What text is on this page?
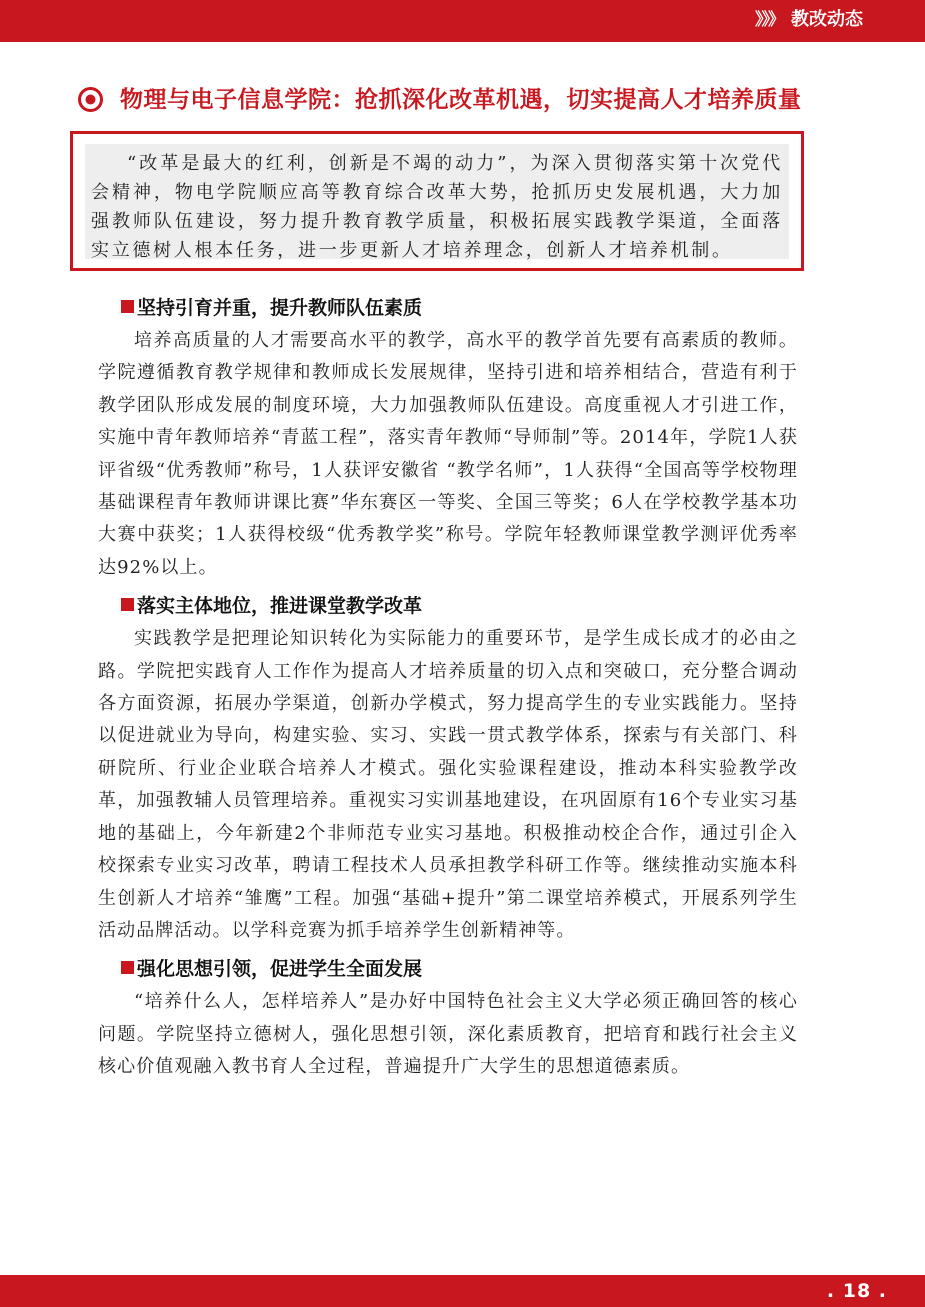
》》》 教改动态
物理与电子信息学院：抢抓深化改革机遇，切实提高人才培养质量

“改革是最大的红利，创新是不竭的动力”，为深入贯彻落实第十次党代会精神，物电学院顺应高等教育综合改革大势，抢抓历史发展机遇，大力加强教师队伍建设，努力提升教育教学质量，积极拓展实践教学渠道，全面落实立德树人根本任务，进一步更新人才培养理念，创新人才培养机制。

坚持引育并重，提升教师队伍素质

培养高质量的人才需要高水平的教学，高水平的教学首先要有高素质的教师。学院遵循教育教学规律和教师成长发展规律，坚持引进和培养相结合，营造有利于教学团队形成发展的制度环境，大力加强教师队伍建设。高度重视人才引进工作，实施中青年教师培养“青蓝工程”，落实青年教师“导师制”等。2014年，学院1人获评省级“优秀教师”称号，1人获评安徽省 “教学名师”，1人获得“全国高等学校物理基础课程青年教师讲课比赛”华东赛区一等奖、全国三等奖；6人在学校教学基本功大赛中获奖；1人获得校级“优秀教学奖”称号。学院年轻教师课堂教学测评优秀率达92%以上。

落实主体地位，推进课堂教学改革

实践教学是把理论知识转化为实际能力的重要环节，是学生成长成才的必由之路。学院把实践育人工作作为提高人才培养质量的切入点和突破口，充分整合调动各方面资源，拓展办学渠道，创新办学模式，努力提高学生的专业实践能力。坚持以促进就业为导向，构建实验、实习、实践一贯式教学体系，探索与有关部门、科研院所、行业企业联合培养人才模式。强化实验课程建设，推动本科实验教学改革，加强教辅人员管理培养。重视实习实训基地建设，在巩固原有16个专业实习基地的基础上，今年新建2个非师范专业实习基地。积极推动校企合作，通过引企入校探索专业实习改革，聘请工程技术人员承担教学科研工作等。继续推动实施本科生创新人才培养“雏鹰”工程。加强“基础+提升”第二课堂培养模式，开展系列学生活动品牌活动。以学科竞赛为抓手培养学生创新精神等。

强化思想引领，促进学生全面发展

“培养什么人，怎样培养人”是办好中国特色社会主义大学必须正确回答的核心问题。学院坚持立德树人，强化思想引领，深化素质教育，把培育和践行社会主义核心价值观融入教书育人全过程，普遍提升广大学生的思想道德素质。

. 18 .
